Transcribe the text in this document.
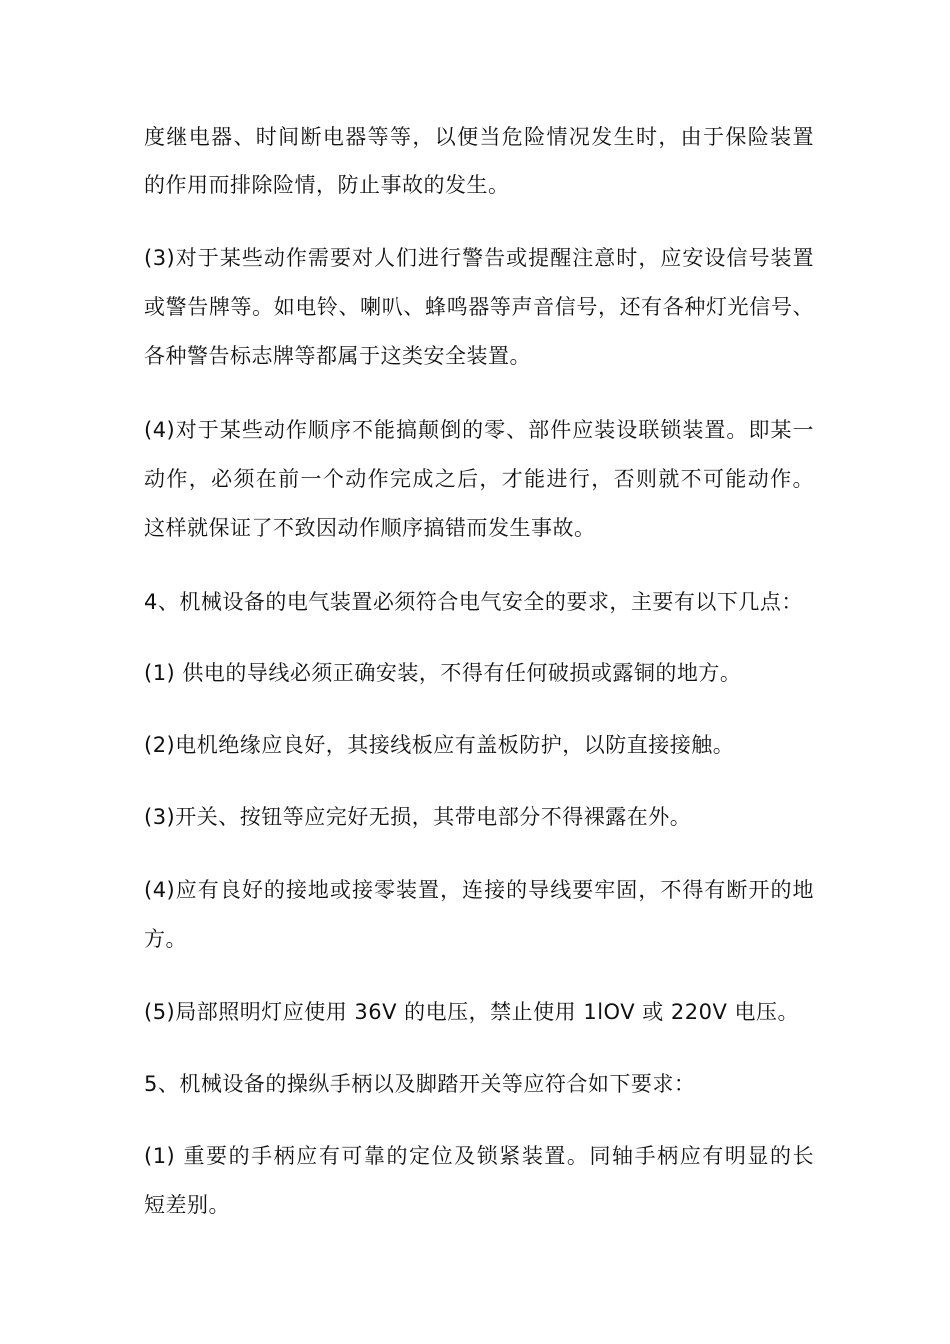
度继电器、时间断电器等等，以便当危险情况发生时，由于保险装置
的作用而排除险情，防止事故的发生。
(3)对于某些动作需要对人们进行警告或提醒注意时，应安设信号装置
或警告牌等。如电铃、喇叭、蜂鸣器等声音信号，还有各种灯光信号、
各种警告标志牌等都属于这类安全装置。
(4)对于某些动作顺序不能搞颠倒的零、部件应装设联锁装置。即某一
动作，必须在前一个动作完成之后，才能进行，否则就不可能动作。
这样就保证了不致因动作顺序搞错而发生事故。
4、机械设备的电气装置必须符合电气安全的要求，主要有以下几点：
(1) 供电的导线必须正确安装，不得有任何破损或露铜的地方。
(2)电机绝缘应良好，其接线板应有盖板防护，以防直接接触。
(3)开关、按钮等应完好无损，其带电部分不得裸露在外。
(4)应有良好的接地或接零装置，连接的导线要牢固，不得有断开的地
方。
(5)局部照明灯应使用 36V 的电压，禁止使用 1lOV 或 220V 电压。
5、机械设备的操纵手柄以及脚踏开关等应符合如下要求：
(1) 重要的手柄应有可靠的定位及锁紧装置。同轴手柄应有明显的长
短差别。
